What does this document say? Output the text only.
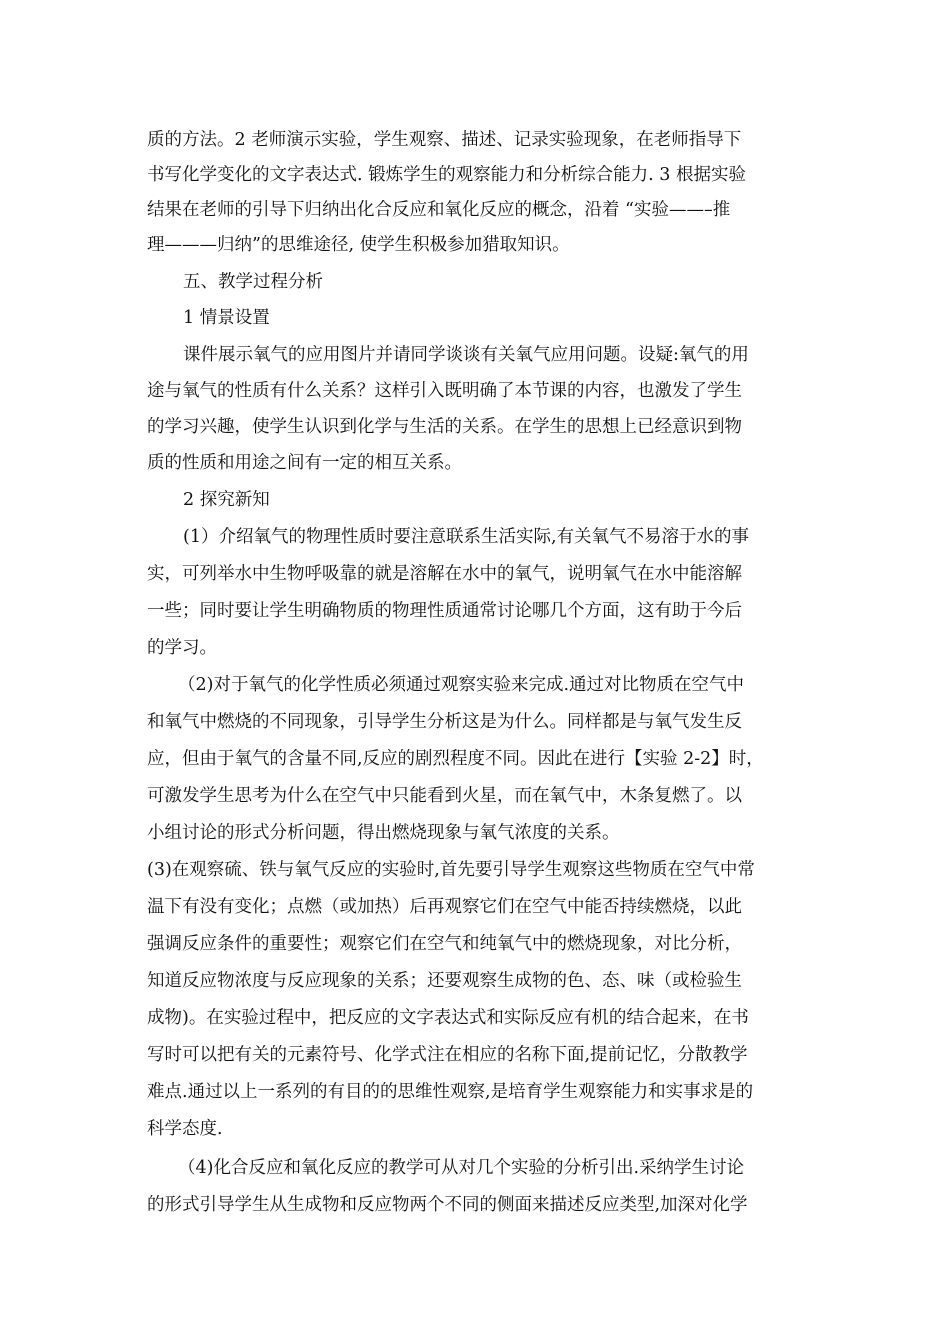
质的方法。2 老师演示实验，学生观察、描述、记录实验现象，在老师指导下
书写化学变化的文字表达式. 锻炼学生的观察能力和分析综合能力. 3 根据实验
结果在老师的引导下归纳出化合反应和氧化反应的概念，沿着 “实验——–推
理———归纳”的思维途径, 使学生积极参加猎取知识。
五、教学过程分析
1 情景设置
课件展示氧气的应用图片并请同学谈谈有关氧气应用问题。设疑:氧气的用
途与氧气的性质有什么关系？这样引入既明确了本节课的内容，也激发了学生
的学习兴趣，使学生认识到化学与生活的关系。在学生的思想上已经意识到物
质的性质和用途之间有一定的相互关系。
2 探究新知
(1）介绍氧气的物理性质时要注意联系生活实际,有关氧气不易溶于水的事
实，可列举水中生物呼吸靠的就是溶解在水中的氧气，说明氧气在水中能溶解
一些；同时要让学生明确物质的物理性质通常讨论哪几个方面，这有助于今后
的学习。
（2)对于氧气的化学性质必须通过观察实验来完成.通过对比物质在空气中
和氧气中燃烧的不同现象，引导学生分析这是为什么。同样都是与氧气发生反
应，但由于氧气的含量不同,反应的剧烈程度不同。因此在进行【实验 2-2】时，
可激发学生思考为什么在空气中只能看到火星，而在氧气中，木条复燃了。以
小组讨论的形式分析问题，得出燃烧现象与氧气浓度的关系。
(3)在观察硫、铁与氧气反应的实验时,首先要引导学生观察这些物质在空气中常
温下有没有变化；点燃（或加热）后再观察它们在空气中能否持续燃烧，以此
强调反应条件的重要性；观察它们在空气和纯氧气中的燃烧现象，对比分析，
知道反应物浓度与反应现象的关系；还要观察生成物的色、态、味（或检验生
成物)。在实验过程中，把反应的文字表达式和实际反应有机的结合起来，在书
写时可以把有关的元素符号、化学式注在相应的名称下面,提前记忆，分散教学
难点.通过以上一系列的有目的的思维性观察,是培育学生观察能力和实事求是的
科学态度.
（4)化合反应和氧化反应的教学可从对几个实验的分析引出.采纳学生讨论
的形式引导学生从生成物和反应物两个不同的侧面来描述反应类型,加深对化学
